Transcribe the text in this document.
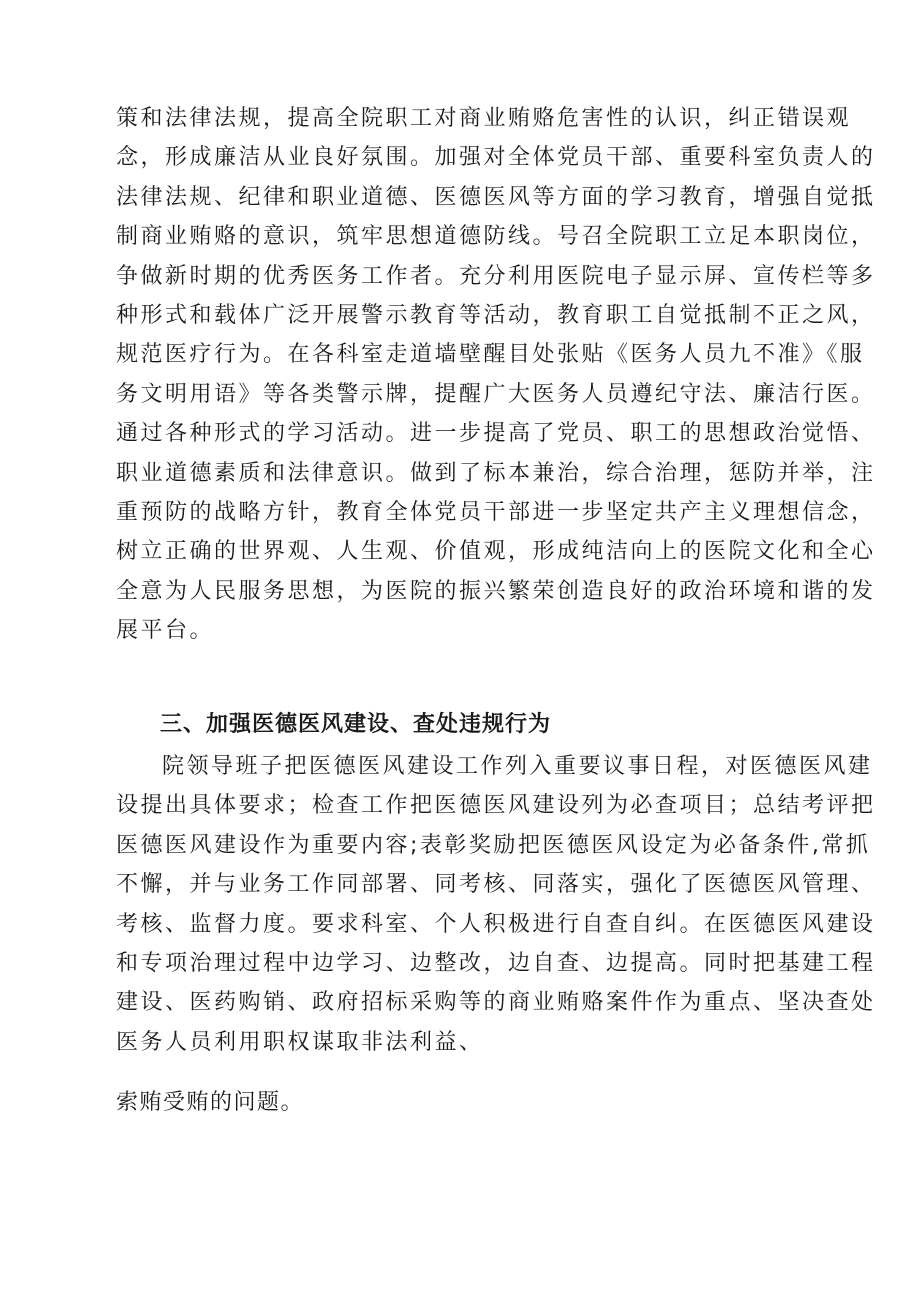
策和法律法规，提高全院职工对商业贿赂危害性的认识，纠正错误观
念，形成廉洁从业良好氛围。加强对全体党员干部、重要科室负责人的
法律法规、纪律和职业道德、医德医风等方面的学习教育，增强自觉抵
制商业贿赂的意识，筑牢思想道德防线。号召全院职工立足本职岗位，
争做新时期的优秀医务工作者。充分利用医院电子显示屏、宣传栏等多
种形式和载体广泛开展警示教育等活动，教育职工自觉抵制不正之风，
规范医疗行为。在各科室走道墙壁醒目处张贴《医务人员九不准》《服
务文明用语》等各类警示牌，提醒广大医务人员遵纪守法、廉洁行医。
通过各种形式的学习活动。进一步提高了党员、职工的思想政治觉悟、
职业道德素质和法律意识。做到了标本兼治，综合治理，惩防并举，注
重预防的战略方针，教育全体党员干部进一步坚定共产主义理想信念，
树立正确的世界观、人生观、价值观，形成纯洁向上的医院文化和全心
全意为人民服务思想，为医院的振兴繁荣创造良好的政治环境和谐的发
展平台。
三、加强医德医风建设、查处违规行为
院领导班子把医德医风建设工作列入重要议事日程，对医德医风建
设提出具体要求；检查工作把医德医风建设列为必查项目；总结考评把
医德医风建设作为重要内容;表彰奖励把医德医风设定为必备条件,常抓
不懈，并与业务工作同部署、同考核、同落实，强化了医德医风管理、
考核、监督力度。要求科室、个人积极进行自查自纠。在医德医风建设
和专项治理过程中边学习、边整改，边自查、边提高。同时把基建工程
建设、医药购销、政府招标采购等的商业贿赂案件作为重点、坚决查处
医务人员利用职权谋取非法利益、
索贿受贿的问题。
